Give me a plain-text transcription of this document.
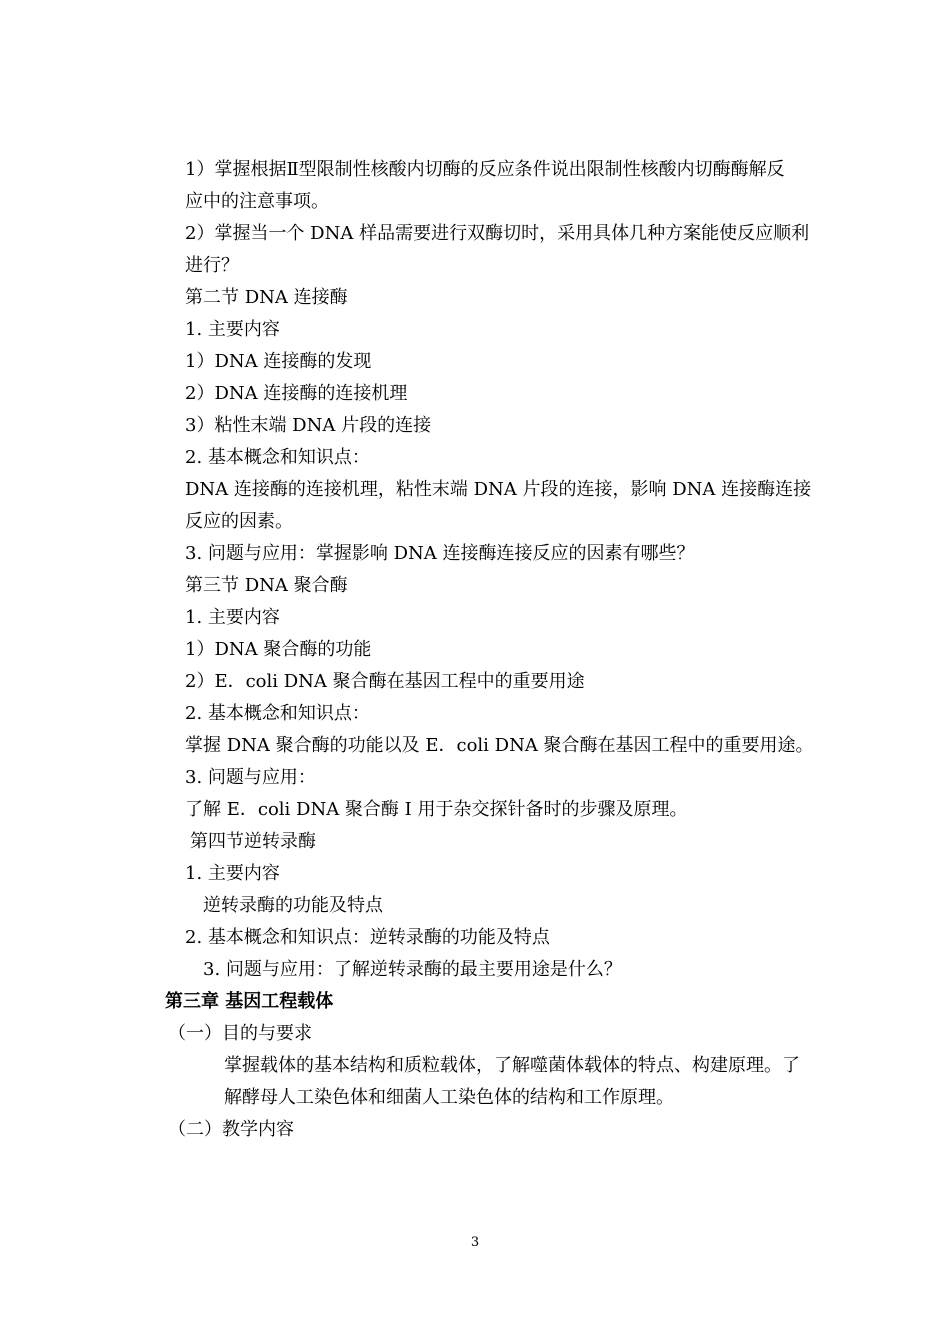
1）掌握根据Ⅱ型限制性核酸内切酶的反应条件说出限制性核酸内切酶酶解反
应中的注意事项。
2）掌握当一个 DNA 样品需要进行双酶切时，采用具体几种方案能使反应顺利
进行？
第二节 DNA 连接酶
1. 主要内容
1）DNA 连接酶的发现
2）DNA 连接酶的连接机理
3）粘性末端 DNA 片段的连接
2. 基本概念和知识点：
DNA 连接酶的连接机理，粘性末端 DNA 片段的连接，影响 DNA 连接酶连接
反应的因素。
3. 问题与应用：掌握影响 DNA 连接酶连接反应的因素有哪些？
第三节 DNA 聚合酶
1. 主要内容
1）DNA 聚合酶的功能
2）E．coli DNA 聚合酶在基因工程中的重要用途
2. 基本概念和知识点：
掌握 DNA 聚合酶的功能以及 E．coli DNA 聚合酶在基因工程中的重要用途。
3. 问题与应用：
了解 E．coli DNA 聚合酶 I 用于杂交探针备时的步骤及原理。
第四节逆转录酶
1. 主要内容
逆转录酶的功能及特点
2. 基本概念和知识点：逆转录酶的功能及特点
3. 问题与应用：了解逆转录酶的最主要用途是什么？
第三章 基因工程载体
（一）目的与要求
掌握载体的基本结构和质粒载体，了解噬菌体载体的特点、构建原理。了
解酵母人工染色体和细菌人工染色体的结构和工作原理。
（二）教学内容
3
